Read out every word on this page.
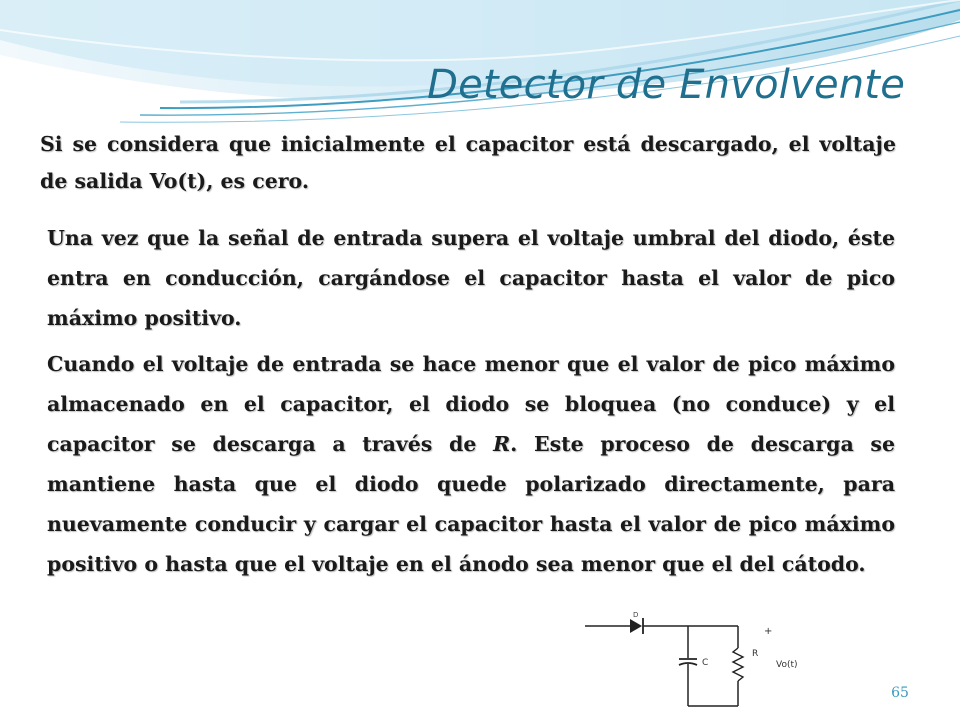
Detector de Envolvente
Si se considera que inicialmente el capacitor está descargado, el voltaje de salida Vo(t), es cero.
Una vez que la señal de entrada supera el voltaje umbral del diodo, éste entra en conducción, cargándose el capacitor hasta el valor de pico máximo positivo.
Cuando el voltaje de entrada se hace menor que el valor de pico máximo almacenado en el capacitor, el diodo se bloquea (no conduce) y el capacitor se descarga a través de R. Este proceso de descarga se mantiene hasta que el diodo quede polarizado directamente, para nuevamente conducir y cargar el capacitor hasta el valor de pico máximo positivo o hasta que el voltaje en el ánodo sea menor que el del cátodo.
D
C
R
+
Vo(t)
65
